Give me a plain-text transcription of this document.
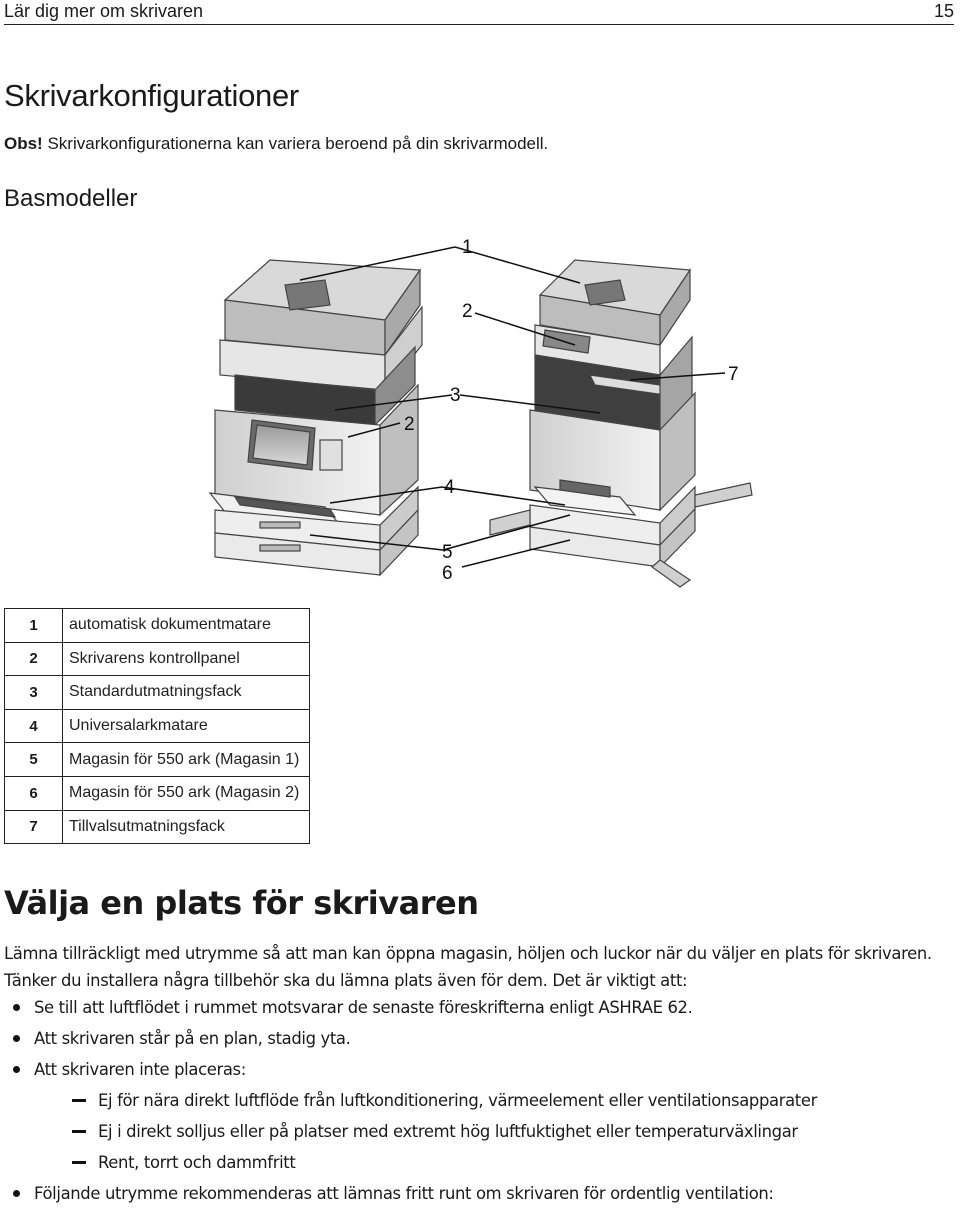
Lär dig mer om skrivaren	15
Skrivarkonfigurationer
Obs! Skrivarkonfigurationerna kan variera beroend på din skrivarmodell.
Basmodeller
1
2
2
3
4
5
6
7
1	automatisk dokumentmatare
2	Skrivarens kontrollpanel
3	Standardutmatningsfack
4	Universalarkmatare
5	Magasin för 550 ark (Magasin 1)
6	Magasin för 550 ark (Magasin 2)
7	Tillvalsutmatningsfack
Välja en plats för skrivaren
Lämna tillräckligt med utrymme så att man kan öppna magasin, höljen och luckor när du väljer en plats för skrivaren. Tänker du installera några tillbehör ska du lämna plats även för dem. Det är viktigt att:
Se till att luftflödet i rummet motsvarar de senaste föreskrifterna enligt ASHRAE 62.
Att skrivaren står på en plan, stadig yta.
Att skrivaren inte placeras:
Ej för nära direkt luftflöde från luftkonditionering, värmeelement eller ventilationsapparater
Ej i direkt solljus eller på platser med extremt hög luftfuktighet eller temperaturväxlingar
Rent, torrt och dammfritt
Följande utrymme rekommenderas att lämnas fritt runt om skrivaren för ordentlig ventilation:
